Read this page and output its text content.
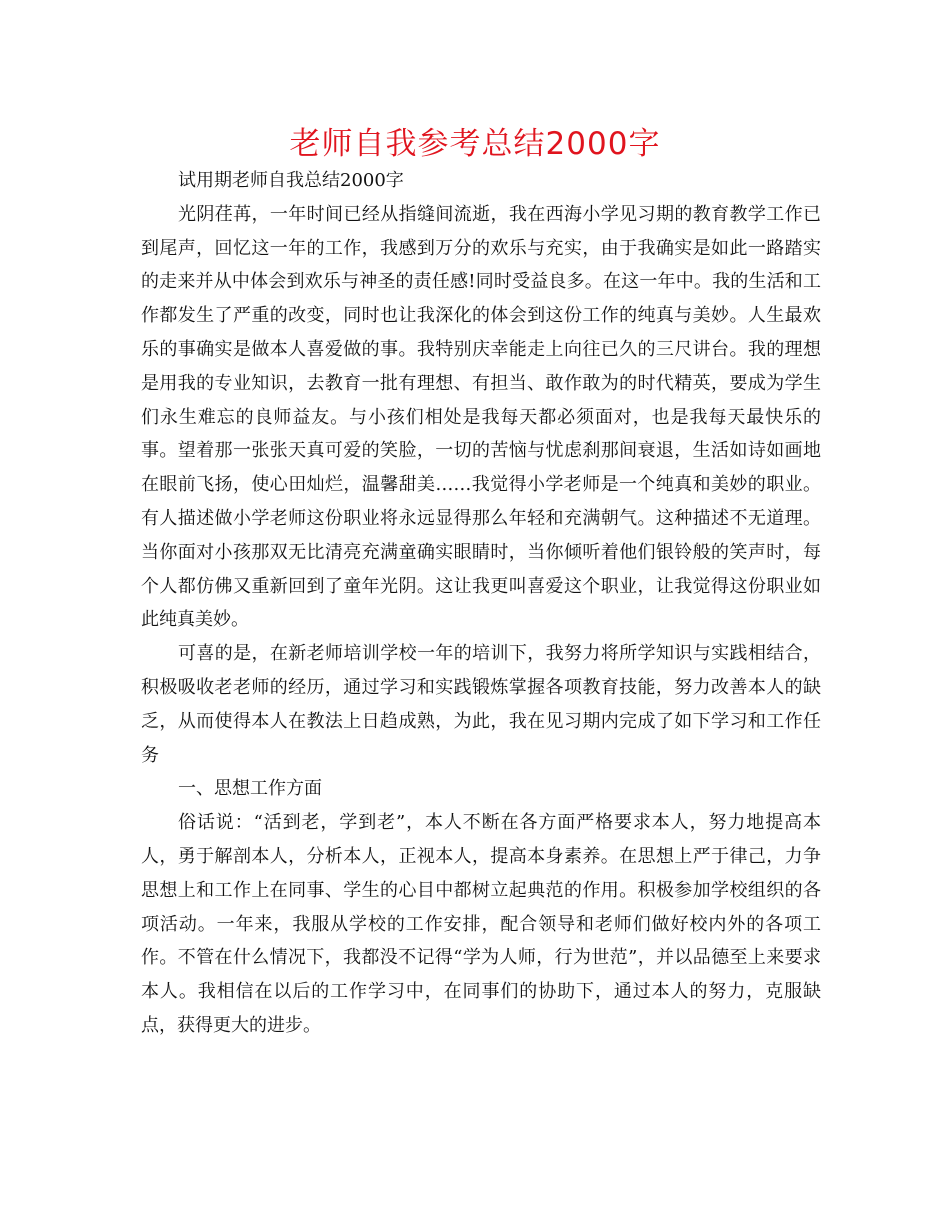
老师自我参考总结2000字

试用期老师自我总结2000字

光阴荏苒，一年时间已经从指缝间流逝，我在西海小学见习期的教育教学工作已到尾声，回忆这一年的工作，我感到万分的欢乐与充实，由于我确实是如此一路踏实的走来并从中体会到欢乐与神圣的责任感!同时受益良多。在这一年中。我的生活和工作都发生了严重的改变，同时也让我深化的体会到这份工作的纯真与美妙。人生最欢乐的事确实是做本人喜爱做的事。我特别庆幸能走上向往已久的三尺讲台。我的理想是用我的专业知识，去教育一批有理想、有担当、敢作敢为的时代精英，要成为学生们永生难忘的良师益友。与小孩们相处是我每天都必须面对，也是我每天最快乐的事。望着那一张张天真可爱的笑脸，一切的苦恼与忧虑刹那间衰退，生活如诗如画地在眼前飞扬，使心田灿烂，温馨甜美……我觉得小学老师是一个纯真和美妙的职业。有人描述做小学老师这份职业将永远显得那么年轻和充满朝气。这种描述不无道理。当你面对小孩那双无比清亮充满童确实眼睛时，当你倾听着他们银铃般的笑声时，每个人都仿佛又重新回到了童年光阴。这让我更叫喜爱这个职业，让我觉得这份职业如此纯真美妙。

可喜的是，在新老师培训学校一年的培训下，我努力将所学知识与实践相结合，积极吸收老老师的经历，通过学习和实践锻炼掌握各项教育技能，努力改善本人的缺乏，从而使得本人在教法上日趋成熟，为此，我在见习期内完成了如下学习和工作任务

一、思想工作方面

俗话说：“活到老，学到老”，本人不断在各方面严格要求本人，努力地提高本人，勇于解剖本人，分析本人，正视本人，提高本身素养。在思想上严于律己，力争思想上和工作上在同事、学生的心目中都树立起典范的作用。积极参加学校组织的各项活动。一年来，我服从学校的工作安排，配合领导和老师们做好校内外的各项工作。不管在什么情况下，我都没不记得“学为人师，行为世范”，并以品德至上来要求本人。我相信在以后的工作学习中，在同事们的协助下，通过本人的努力，克服缺点，获得更大的进步。
